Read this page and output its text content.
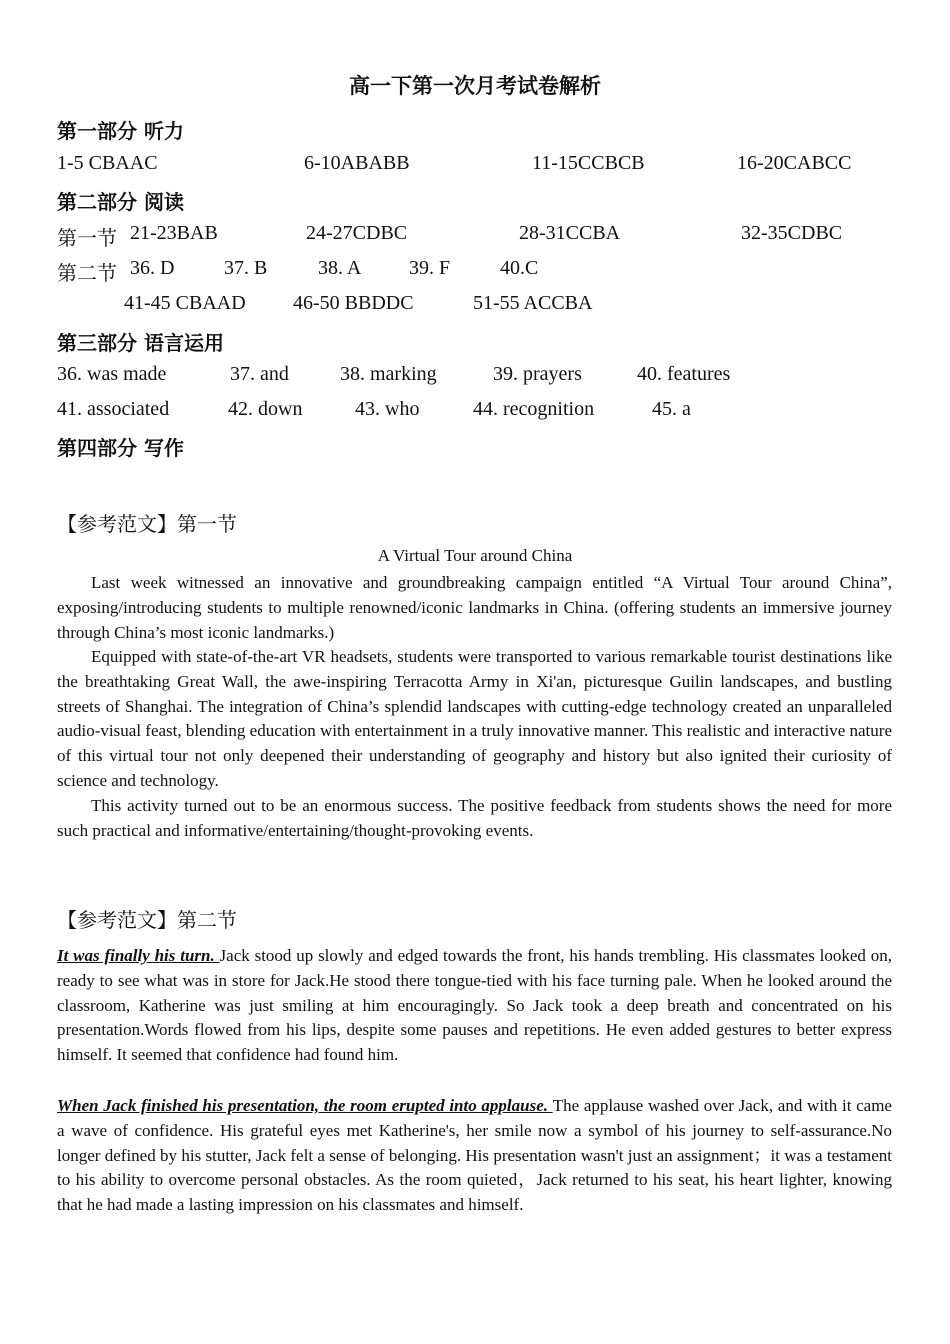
高一下第一次月考试卷解析
第一部分 听力
1-5 CBAAC	6-10ABABB	11-15CCBCB	16-20CABCC
第二部分 阅读
第一节 21-23BAB	24-27CDBC	28-31CCBA	32-35CDBC
第二节 36. D 37. B	38. A 39. F 40.C
41-45 CBAAD 46-50 BBDDC	51-55 ACCBA
第三部分 语言运用
36. was made	37. and	38. marking	39. prayers	40. features
41. associated	42. down	43. who	44. recognition	45. a
第四部分 写作
【参考范文】第一节
A Virtual Tour around China

Last week witnessed an innovative and groundbreaking campaign entitled “A Virtual Tour around China”, exposing/introducing students to multiple renowned/iconic landmarks in China. (offering students an immersive journey through China’s most iconic landmarks.)

Equipped with state-of-the-art VR headsets, students were transported to various remarkable tourist destinations like the breathtaking Great Wall, the awe-inspiring Terracotta Army in Xi'an, picturesque Guilin landscapes, and bustling streets of Shanghai. The integration of China’s splendid landscapes with cutting-edge technology created an unparalleled audio-visual feast, blending education with entertainment in a truly innovative manner. This realistic and interactive nature of this virtual tour not only deepened their understanding of geography and history but also ignited their curiosity of science and technology.

This activity turned out to be an enormous success. The positive feedback from students shows the need for more such practical and informative/entertaining/thought-provoking events.

【参考范文】第二节

It was finally his turn. Jack stood up slowly and edged towards the front, his hands trembling. His classmates looked on, ready to see what was in store for Jack.He stood there tongue-tied with his face turning pale. When he looked around the classroom, Katherine was just smiling at him encouragingly. So Jack took a deep breath and concentrated on his presentation.Words flowed from his lips, despite some pauses and repetitions. He even added gestures to better express himself. It seemed that confidence had found him.

When Jack finished his presentation, the room erupted into applause. The applause washed over Jack, and with it came a wave of confidence. His grateful eyes met Katherine's, her smile now a symbol of his journey to self-assurance.No longer defined by his stutter, Jack felt a sense of belonging. His presentation wasn't just an assignment；it was a testament to his ability to overcome personal obstacles. As the room quieted，Jack returned to his seat, his heart lighter, knowing that he had made a lasting impression on his classmates and himself.
